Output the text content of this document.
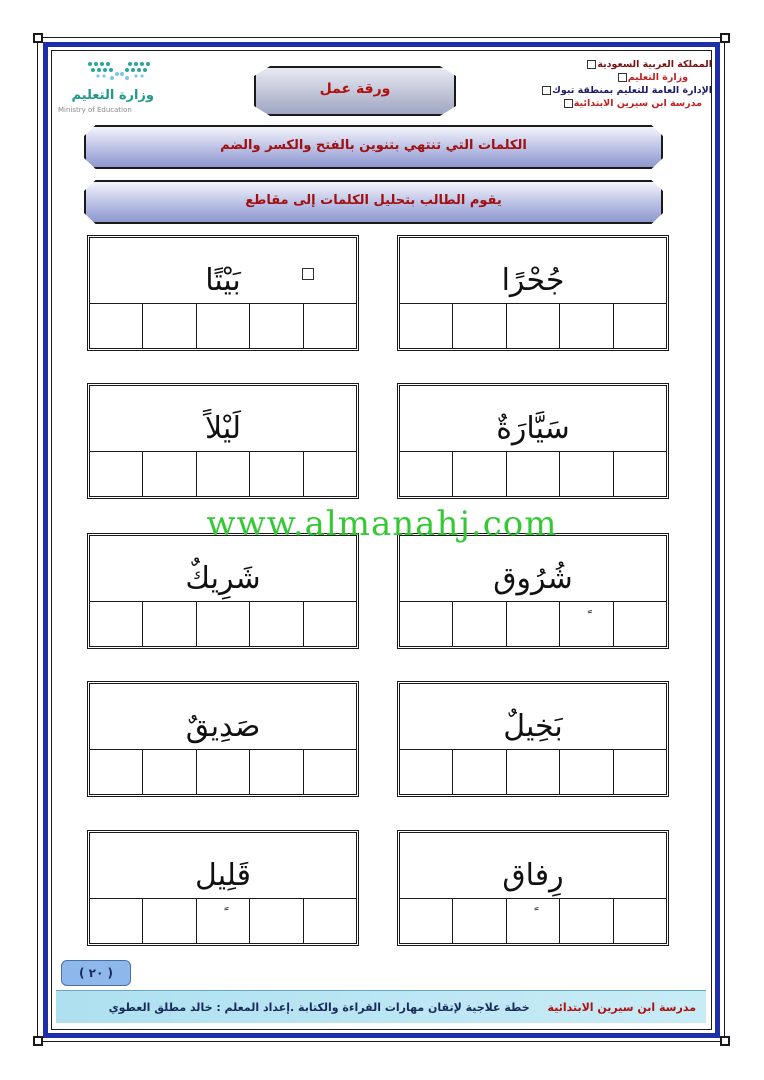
وزارة التعليم
Ministry of Education
المملكة العربية السعودية
وزارة التعليم
الإدارة العامة للتعليم بمنطقة تبوك
مدرسة ابن سيرين الابتدائية
ورقة عمل
الكلمات التي تنتهي بتنوين بالفتح والكسر والضم
يقوم الطالب بتحليل الكلمات إلى مقاطع
جُحْرًا
بَيْتًا
سَيَّارَةٌ
لَيْلاً
شُرُوق
شَرِيكٌ
بَخِيلٌ
صَدِيقٌ
رِفاق
قَلِيل
www.almanahj.com
( ٢٠ )
مدرسة ابن سيرين الابتدائية خطة علاجية لإتقان مهارات القراءة والكتابة .إعداد المعلم : خالد مطلق العطوي
